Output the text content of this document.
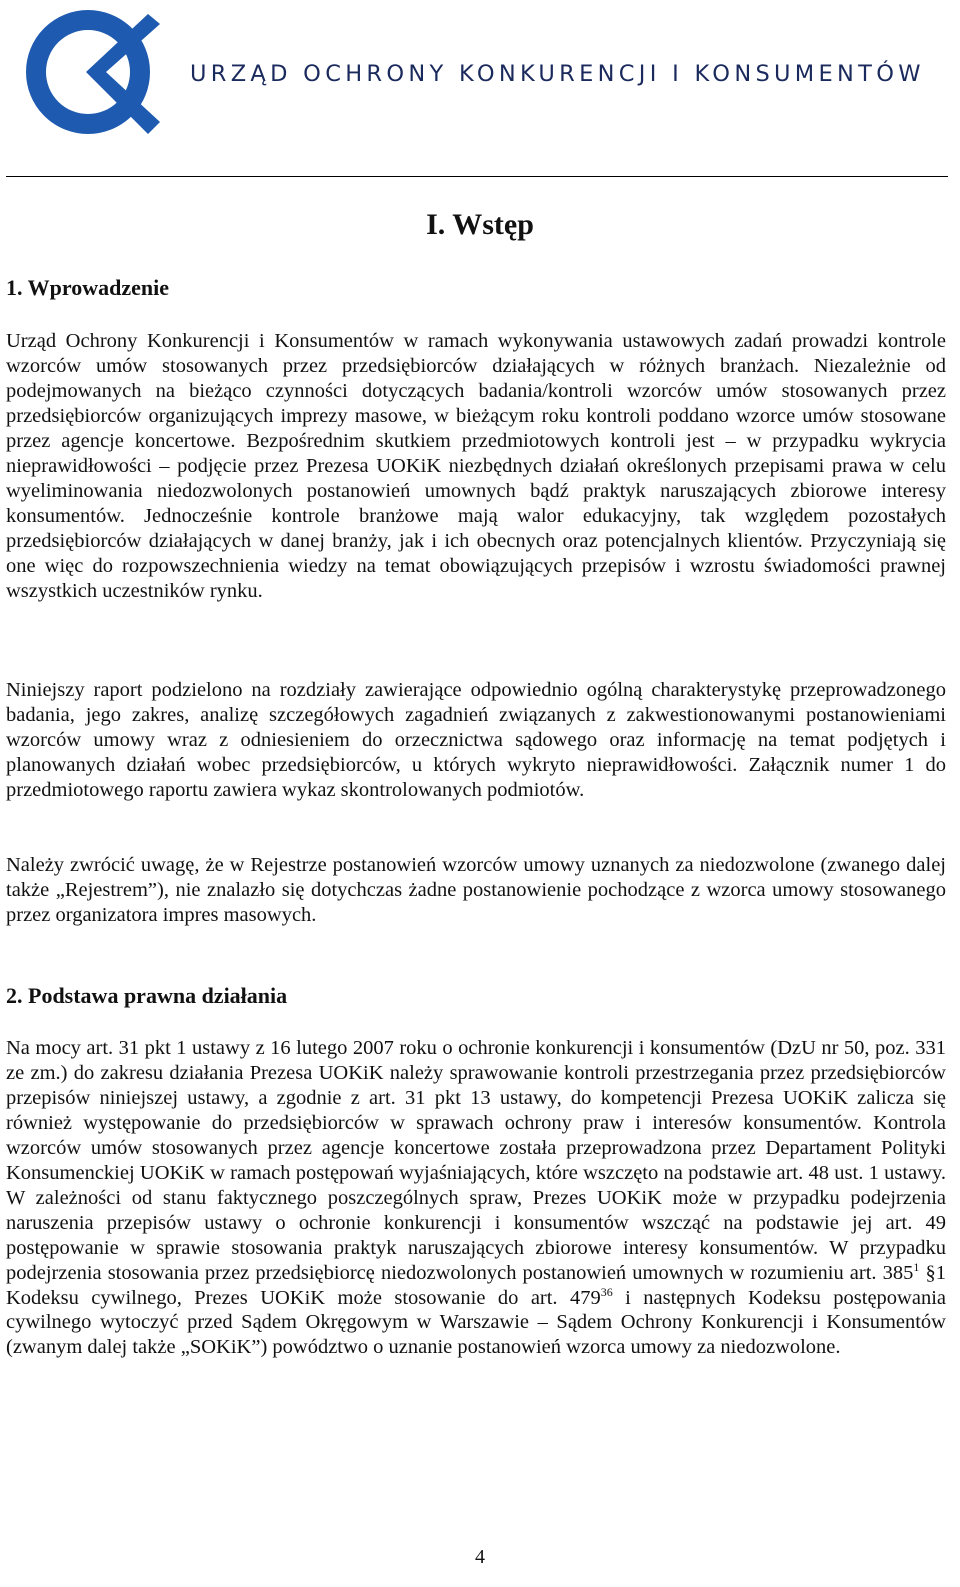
URZĄD OCHRONY KONKURENCJI I KONSUMENTÓW
I. Wstęp
1. Wprowadzenie

Urząd Ochrony Konkurencji i Konsumentów w ramach wykonywania ustawowych zadań prowadzi kontrole wzorców umów stosowanych przez przedsiębiorców działających w różnych branżach. Niezależnie od podejmowanych na bieżąco czynności dotyczących badania/kontroli wzorców umów stosowanych przez przedsiębiorców organizujących imprezy masowe, w bieżącym roku kontroli poddano wzorce umów stosowane przez agencje koncertowe. Bezpośrednim skutkiem przedmiotowych kontroli jest – w przypadku wykrycia nieprawidłowości – podjęcie przez Prezesa UOKiK niezbędnych działań określonych przepisami prawa w celu wyeliminowania niedozwolonych postanowień umownych bądź praktyk naruszających zbiorowe interesy konsumentów. Jednocześnie kontrole branżowe mają walor edukacyjny, tak względem pozostałych przedsiębiorców działających w danej branży, jak i ich obecnych oraz potencjalnych klientów. Przyczyniają się one więc do rozpowszechnienia wiedzy na temat obowiązujących przepisów i wzrostu świadomości prawnej wszystkich uczestników rynku.

Niniejszy raport podzielono na rozdziały zawierające odpowiednio ogólną charakterystykę przeprowadzonego badania, jego zakres, analizę szczegółowych zagadnień związanych z zakwestionowanymi postanowieniami wzorców umowy wraz z odniesieniem do orzecznictwa sądowego oraz informację na temat podjętych i planowanych działań wobec przedsiębiorców, u których wykryto nieprawidłowości. Załącznik numer 1 do przedmiotowego raportu zawiera wykaz skontrolowanych podmiotów.

Należy zwrócić uwagę, że w Rejestrze postanowień wzorców umowy uznanych za niedozwolone (zwanego dalej także „Rejestrem”), nie znalazło się dotychczas żadne postanowienie pochodzące z wzorca umowy stosowanego przez organizatora impres masowych.

2. Podstawa prawna działania

Na mocy art. 31 pkt 1 ustawy z 16 lutego 2007 roku o ochronie konkurencji i konsumentów (DzU nr 50, poz. 331 ze zm.) do zakresu działania Prezesa UOKiK należy sprawowanie kontroli przestrzegania przez przedsiębiorców przepisów niniejszej ustawy, a zgodnie z art. 31 pkt 13 ustawy, do kompetencji Prezesa UOKiK zalicza się również występowanie do przedsiębiorców w sprawach ochrony praw i interesów konsumentów. Kontrola wzorców umów stosowanych przez agencje koncertowe została przeprowadzona przez Departament Polityki Konsumenckiej UOKiK w ramach postępowań wyjaśniających, które wszczęto na podstawie art. 48 ust. 1 ustawy. W zależności od stanu faktycznego poszczególnych spraw, Prezes UOKiK może w przypadku podejrzenia naruszenia przepisów ustawy o ochronie konkurencji i konsumentów wszcząć na podstawie jej art. 49 postępowanie w sprawie stosowania praktyk naruszających zbiorowe interesy konsumentów. W przypadku podejrzenia stosowania przez przedsiębiorcę niedozwolonych postanowień umownych w rozumieniu art. $385^1$ §1 Kodeksu cywilnego, Prezes UOKiK może stosowanie do art. $479^{36}$ i następnych Kodeksu postępowania cywilnego wytoczyć przed Sądem Okręgowym w Warszawie – Sądem Ochrony Konkurencji i Konsumentów (zwanym dalej także „SOKiK”) powództwo o uznanie postanowień wzorca umowy za niedozwolone.

4
